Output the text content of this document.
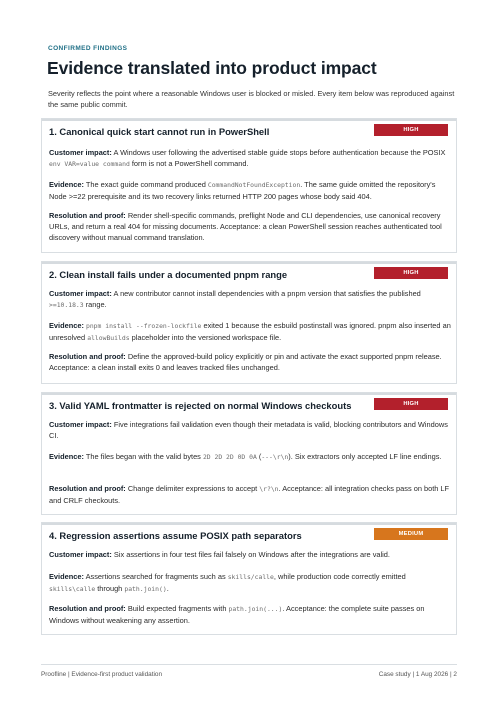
CONFIRMED FINDINGS
Evidence translated into product impact
Severity reflects the point where a reasonable Windows user is blocked or misled. Every item below was reproduced against the same public commit.
1. Canonical quick start cannot run in PowerShell	HIGH
Customer impact: A Windows user following the advertised stable guide stops before authentication because the POSIX env VAR=value command form is not a PowerShell command.
Evidence: The exact guide command produced CommandNotFoundException. The same guide omitted the repository's Node >=22 prerequisite and its two recovery links returned HTTP 200 pages whose body said 404.
Resolution and proof: Render shell-specific commands, preflight Node and CLI dependencies, use canonical recovery URLs, and return a real 404 for missing documents. Acceptance: a clean PowerShell session reaches authenticated tool discovery without manual command translation.
2. Clean install fails under a documented pnpm range	HIGH
Customer impact: A new contributor cannot install dependencies with a pnpm version that satisfies the published >=10.18.3 range.
Evidence: pnpm install --frozen-lockfile exited 1 because the esbuild postinstall was ignored. pnpm also inserted an unresolved allowBuilds placeholder into the versioned workspace file.
Resolution and proof: Define the approved-build policy explicitly or pin and activate the exact supported pnpm release. Acceptance: a clean install exits 0 and leaves tracked files unchanged.
3. Valid YAML frontmatter is rejected on normal Windows checkouts	HIGH
Customer impact: Five integrations fail validation even though their metadata is valid, blocking contributors and Windows CI.
Evidence: The files began with the valid bytes 2D 2D 2D 0D 0A (---\r\n). Six extractors only accepted LF line endings.
Resolution and proof: Change delimiter expressions to accept \r?\n. Acceptance: all integration checks pass on both LF and CRLF checkouts.
4. Regression assertions assume POSIX path separators	MEDIUM
Customer impact: Six assertions in four test files fail falsely on Windows after the integrations are valid.
Evidence: Assertions searched for fragments such as skills/calle, while production code correctly emitted skills\calle through path.join().
Resolution and proof: Build expected fragments with path.join(...). Acceptance: the complete suite passes on Windows without weakening any assertion.
Proofline | Evidence-first product validation	Case study | 1 Aug 2026 | 2
